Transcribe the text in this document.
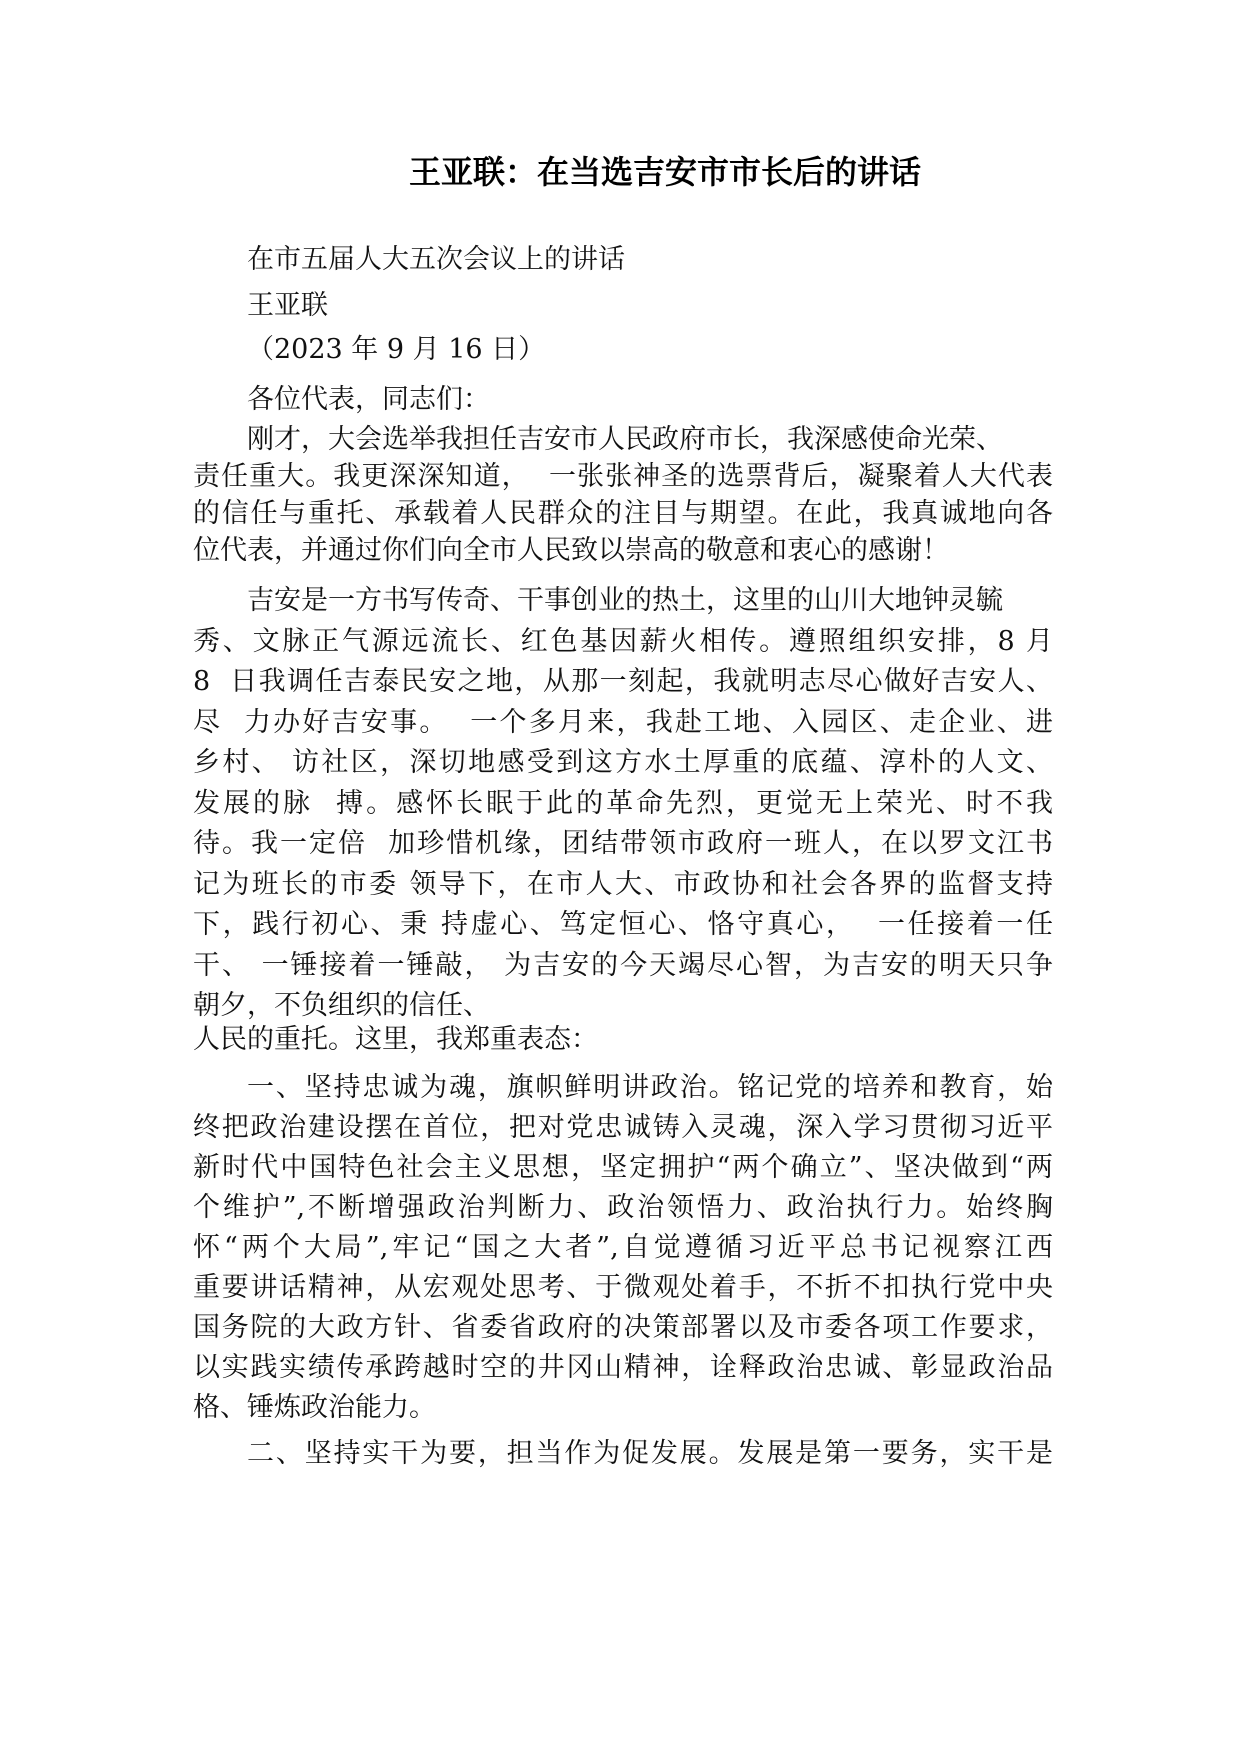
王亚联：在当选吉安市市长后的讲话
在市五届人大五次会议上的讲话
王亚联
（2023 年 9 月 16 日）
各位代表，同志们：
刚才，大会选举我担任吉安市人民政府市长，我深感使命光荣、
责任重大。我更深深知道，  一张张神圣的选票背后，凝聚着人大代表
的信任与重托、承载着人民群众的注目与期望。在此，我真诚地向各
位代表，并通过你们向全市人民致以崇高的敬意和衷心的感谢！
吉安是一方书写传奇、干事创业的热土，这里的山川大地钟灵毓
秀、文脉正气源远流长、红色基因薪火相传。遵照组织安排，8 月
8  日我调任吉泰民安之地，从那一刻起，我就明志尽心做好吉安人、
尽  力办好吉安事。  一个多月来，我赴工地、入园区、走企业、进
乡村、 访社区，深切地感受到这方水土厚重的底蕴、淳朴的人文、
发展的脉  搏。感怀长眠于此的革命先烈，更觉无上荣光、时不我
待。我一定倍  加珍惜机缘，团结带领市政府一班人，在以罗文江书
记为班长的市委 领导下，在市人大、市政协和社会各界的监督支持
下，践行初心、秉 持虚心、笃定恒心、恪守真心，  一任接着一任
干、 一锤接着一锤敲， 为吉安的今天竭尽心智，为吉安的明天只争
朝夕，不负组织的信任、
人民的重托。这里，我郑重表态：
一、坚持忠诚为魂，旗帜鲜明讲政治。铭记党的培养和教育，始
终把政治建设摆在首位，把对党忠诚铸入灵魂，深入学习贯彻习近平
新时代中国特色社会主义思想，坚定拥护“两个确立”、坚决做到“两
个维护”,不断增强政治判断力、政治领悟力、政治执行力。始终胸
怀“两个大局”,牢记“国之大者”,自觉遵循习近平总书记视察江西
重要讲话精神，从宏观处思考、于微观处着手，不折不扣执行党中央
国务院的大政方针、省委省政府的决策部署以及市委各项工作要求，
以实践实绩传承跨越时空的井冈山精神，诠释政治忠诚、彰显政治品
格、锤炼政治能力。
二、坚持实干为要，担当作为促发展。发展是第一要务，实干是
